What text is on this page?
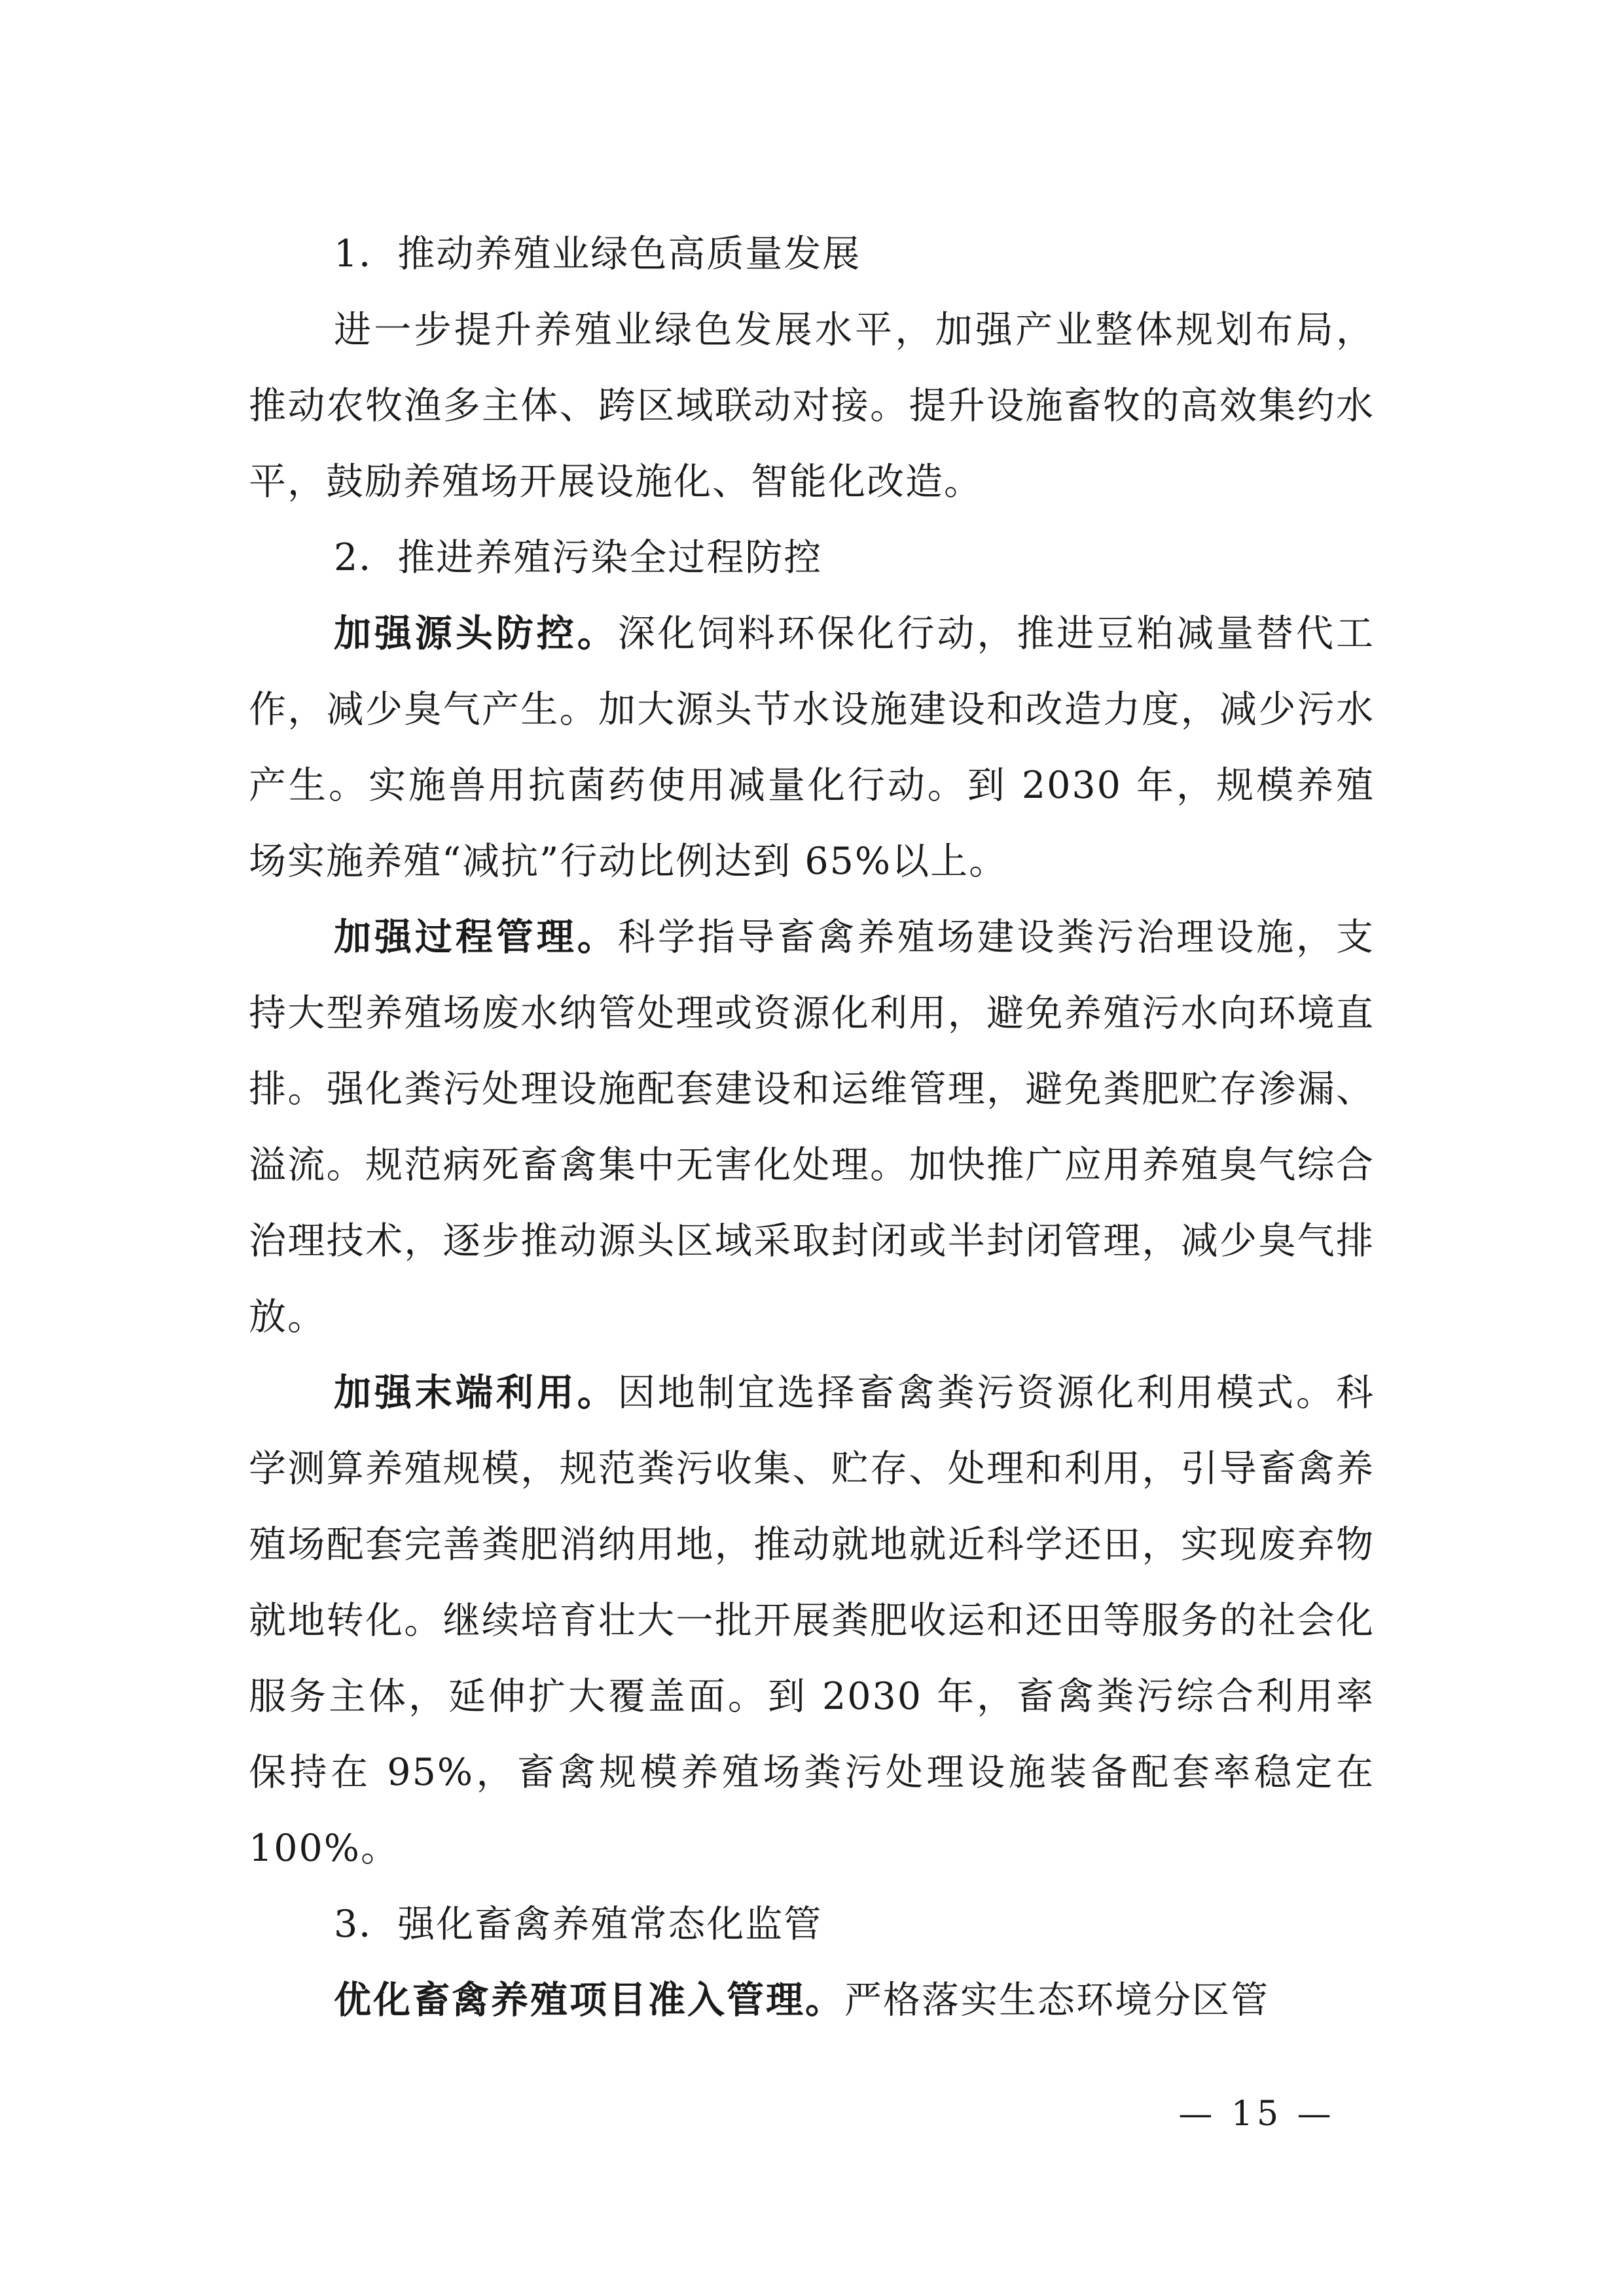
1．推动养殖业绿色高质量发展

进一步提升养殖业绿色发展水平，加强产业整体规划布局，推动农牧渔多主体、跨区域联动对接。提升设施畜牧的高效集约水平，鼓励养殖场开展设施化、智能化改造。

2．推进养殖污染全过程防控

加强源头防控。深化饲料环保化行动，推进豆粕减量替代工作，减少臭气产生。加大源头节水设施建设和改造力度，减少污水产生。实施兽用抗菌药使用减量化行动。到 2030 年，规模养殖场实施养殖“减抗”行动比例达到 65%以上。

加强过程管理。科学指导畜禽养殖场建设粪污治理设施，支持大型养殖场废水纳管处理或资源化利用，避免养殖污水向环境直排。强化粪污处理设施配套建设和运维管理，避免粪肥贮存渗漏、溢流。规范病死畜禽集中无害化处理。加快推广应用养殖臭气综合治理技术，逐步推动源头区域采取封闭或半封闭管理，减少臭气排放。

加强末端利用。因地制宜选择畜禽粪污资源化利用模式。科学测算养殖规模，规范粪污收集、贮存、处理和利用，引导畜禽养殖场配套完善粪肥消纳用地，推动就地就近科学还田，实现废弃物就地转化。继续培育壮大一批开展粪肥收运和还田等服务的社会化服务主体，延伸扩大覆盖面。到 2030 年，畜禽粪污综合利用率保持在 95%，畜禽规模养殖场粪污处理设施装备配套率稳定在 100%。

3．强化畜禽养殖常态化监管

优化畜禽养殖项目准入管理。严格落实生态环境分区管

— 15 —
